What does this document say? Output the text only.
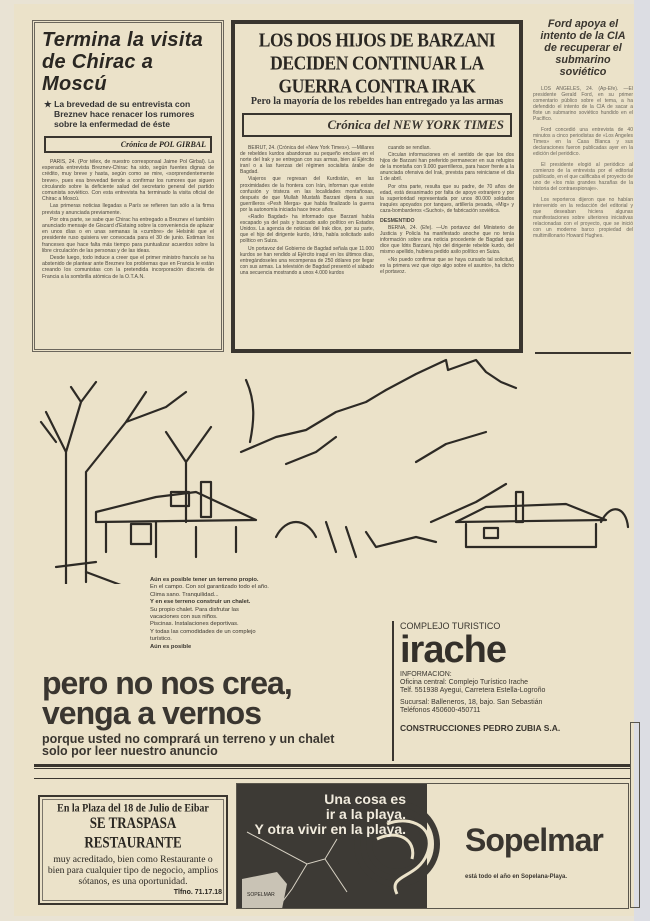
Termina la visita de Chirac a Moscú

★ La brevedad de su entrevista con Breznev hace renacer los rumores sobre la enfermedad de éste

Crónica de POL GIRBAL

PARIS, 24. (Por télex, de nuestro corresponsal Jaime Pol Girbal). La esperada entrevista Breznev-Chirac ha sido, según fuentes dignas de crédito, muy breve y hasta, según como se mire, «sorprendentemente breve», pues esa brevedad tiende a confirmar los rumores que siguen circulando sobre la deficiente salud del secretario general del partido comunista soviético. Con esta entrevista ha terminado la visita oficial de Chirac a Moscú.

Las primeras noticias llegadas a París se refieren tan sólo a la firma prevista y anunciada previamente.

Por otra parte, se sabe que Chirac ha entregado a Breznev el también anunciado mensaje de Giscard d'Estaing sobre la conveniencia de aplazar en unos días o en unas semanas la «cumbre» de Helsinki que el presidente ruso quisiera ver convocada para el 30 de junio. Estiman los franceses que hace falta más tiempo para puntualizar acuerdos sobre la libre circulación de las personas y de las ideas.

Desde luego, todo induce a creer que el primer ministro francés se ha abstenido de plantear ante Breznev los problemas que en Francia le están creando los comunistas con la pretendida incorporación discreta de Francia a la sombrilla atómica de la O.T.A.N.

LOS DOS HIJOS DE BARZANI DECIDEN CONTINUAR LA GUERRA CONTRA IRAK
Pero la mayoría de los rebeldes han entregado ya las armas
Crónica del NEW YORK TIMES

BEIRUT, 24. (Crónica del «New York Times»). —Millares de rebeldes kurdos abandonan su pequeño enclave en el norte del Irak y se entregan con sus armas, bien al Ejército iraní o a las fuerzas del régimen socialista árabe de Bagdad.

Viajeros que regresan del Kurdistán, en las proximidades de la frontera con Irán, informan que existe confusión y tristeza en las localidades montañosas, después de que Mullah Mustafá Barzani dijera a sus guerrilleros «Pesh Merga» que había finalizado la guerra por la autonomía iniciada hace trece años.

«Radio Bagdad» ha informado que Barzani había escapado ya del país y buscado asilo político en Estados Unidos. La agencia de noticias del Irak dice, por su parte, que el hijo del dirigente kurdo, Idris, había solicitado asilo político en Suiza.

Un portavoz del Gobierno de Bagdad señala que 11.000 kurdos se han rendido al Ejército iraquí en los últimos días, entregándoseles una recompensa de 250 dólares por llegar con sus armas. La televisión de Bagdad presentó el sábado una secuencia mostrando a unos 4.000 kurdos

cuando se rendían.

Circulan informaciones en el sentido de que los dos hijos de Barzani han preferido permanecer en sus refugios de la montaña con 9.000 guerrilleros, para hacer frente a la anunciada ofensiva del Irak, prevista para reiniciarse el día 1 de abril.

Por otra parte, resulta que su padre, de 70 años de edad, está desanimado por falta de apoyo extranjero y por la superioridad representada por unos 80.000 soldados iraquíes apoyados por tanques, artillería pesada, «Mig» y caza-bombarderos «Suchoi», de fabricación soviética.

DESMENTIDO

BERNA, 24. (Efe). —Un portavoz del Ministerio de Justicia y Policía ha manifestado anoche que no tenía información sobre una noticia procedente de Bagdad que dice que Idris Barzani, hijo del dirigente rebelde kurdo, del mismo apellido, hubiera pedido asilo político en Suiza.

«No puedo confirmar que se haya cursado tal solicitud, es la primera vez que oigo algo sobre el asunto», ha dicho el portavoz.

Ford apoya el intento de la CIA de recuperar el submarino soviético

LOS ANGELES, 24. (Ap-Efe). —El presidente Gerald Ford, en su primer comentario público sobre el tema, a ha defendido el intento de la CIA de sacar a flote un submarino soviético hundido en el Pacífico.

Ford concedió una entrevista de 40 minutos a cinco periodistas de «Los Angeles Times» en la Casa Blanca y sus declaraciones fueron publicadas ayer en la edición del periódico.

El presidente elogió al periódico al comienzo de la entrevista por el editorial publicado, en el que calificaba el proyecto de uno de «los más grandes hazañas de la historia del contraespionaje».

Los reporteros dijeron que no habían intervenido en la redacción del editorial y que deseaban hiciera algunas manifestaciones sobre ulteriores iniciativas relacionadas con el proyecto, que se inició con un moderno barco propiedad del multimillonario Howard Hughes.

Aún es posible tener un terreno propio.
En el campo. Con sol garantizado todo el año.
Clima sano. Tranquilidad...
Y en ese terreno construir un chalet.
Su propio chalet. Para disfrutar las
vacaciones con sus niños.
Piscinas. Instalaciones deportivas.
Y todas las comodidades de un complejo
turístico.
Aún es posible
pero no nos crea,
venga a vernos
porque usted no comprará un terreno y un chalet
solo por leer nuestro anuncio
COMPLEJO TURISTICO
irache
INFORMACION:
Oficina central: Complejo Turístico Irache
Telf. 551938 Ayegui, Carretera Estella-Logroño
Sucursal: Balleneros, 18, bajo. San Sebastián
Teléfonos 450600-450711
CONSTRUCCIONES PEDRO ZUBIA S.A.
En la Plaza del 18 de Julio de Eibar
SE TRASPASA RESTAURANTE
muy acreditado, bien como Restaurante o bien para cualquier tipo de negocio, amplios sótanos, es una oportunidad.
Tlfno. 71.17.18	SOPELMAR
Una cosa es
ir a la playa.
Y otra vivir en la playa. Sopelmar
está todo el año en Sopelana-Playa.
